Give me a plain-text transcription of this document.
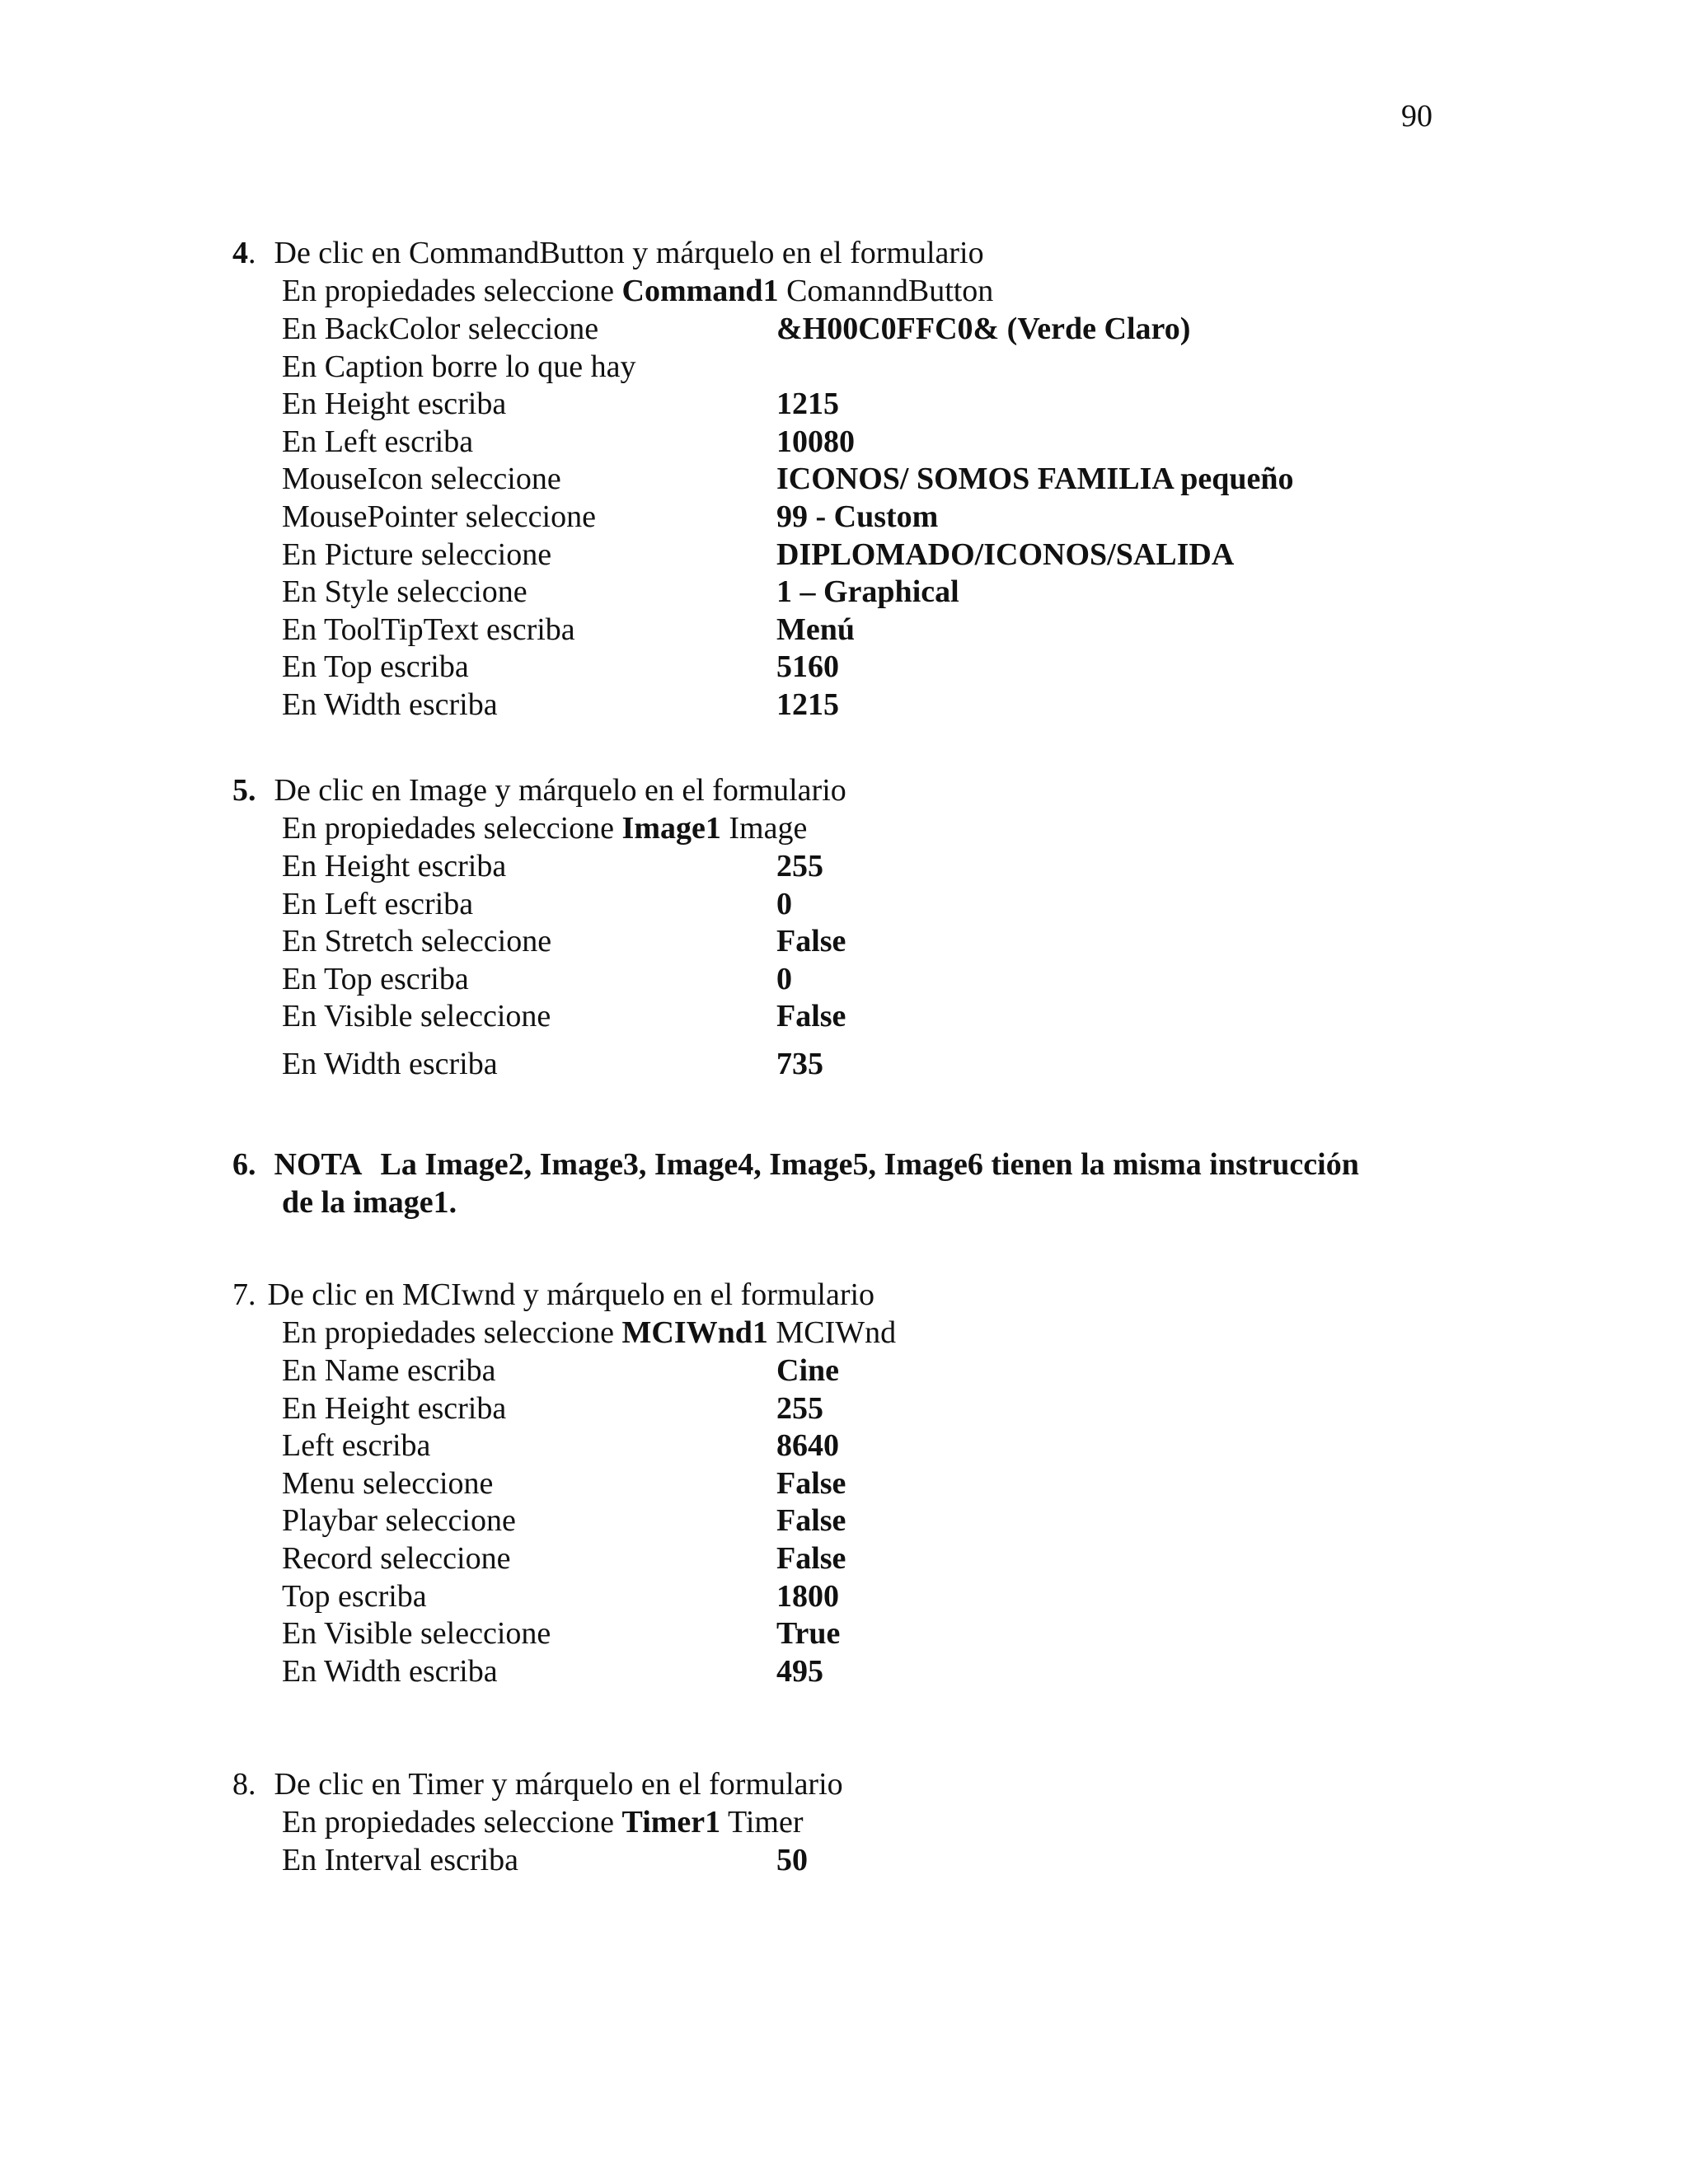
90
4. De clic en CommandButton y márquelo en el formulario
En propiedades seleccione Command1 ComanndButton
En BackColor seleccione	&H00C0FFC0& (Verde Claro)
En Caption borre lo que hay
En Height escriba	1215
En Left escriba	10080
MouseIcon seleccione	ICONOS/ SOMOS FAMILIA pequeño
MousePointer seleccione	99 - Custom
En Picture seleccione	DIPLOMADO/ICONOS/SALIDA
En Style seleccione	1 – Graphical
En ToolTipText escriba	Menú
En Top escriba	5160
En Width escriba	1215
5. De clic en Image y márquelo en el formulario
En propiedades seleccione Image1 Image
En Height escriba	255
En Left escriba	0
En Stretch seleccione	False
En Top escriba	0
En Visible seleccione	False
En Width escriba	735
6. NOTA La Image2, Image3, Image4, Image5, Image6 tienen la misma instrucción
de la image1.
7. De clic en MCIwnd y márquelo en el formulario
En propiedades seleccione MCIWnd1 MCIWnd
En Name escriba	Cine
En Height escriba	255
Left escriba	8640
Menu seleccione	False
Playbar seleccione	False
Record seleccione	False
Top escriba	1800
En Visible seleccione	True
En Width escriba	495
8. De clic en Timer y márquelo en el formulario
En propiedades seleccione Timer1 Timer
En Interval escriba	50
